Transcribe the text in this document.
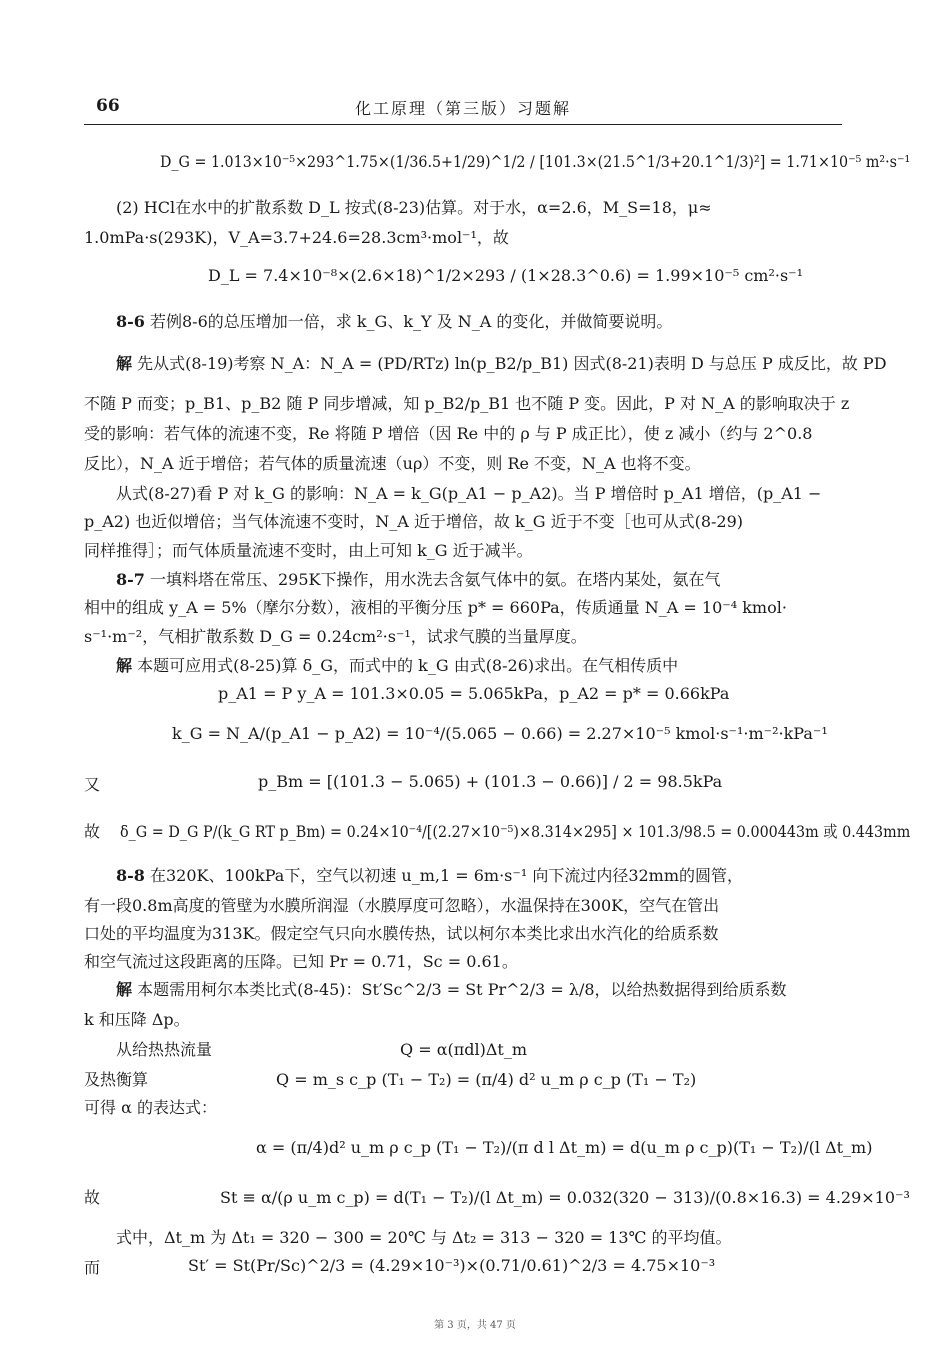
66	化工原理（第三版）习题解
D_G = 1.013×10⁻⁵×293^1.75×(1/36.5+1/29)^1/2 / [101.3×(21.5^1/3+20.1^1/3)²] = 1.71×10⁻⁵ m²·s⁻¹
(2) HCl在水中的扩散系数 D_L 按式(8-23)估算。对于水，α=2.6，M_S=18，μ≈
1.0mPa·s(293K)，V_A=3.7+24.6=28.3cm³·mol⁻¹，故
D_L = 7.4×10⁻⁸×(2.6×18)^1/2×293 / (1×28.3^0.6) = 1.99×10⁻⁵ cm²·s⁻¹
8-6 若例8-6的总压增加一倍，求 k_G、k_Y 及 N_A 的变化，并做简要说明。
解 先从式(8-19)考察 N_A：N_A = (PD/RTz) ln(p_B2/p_B1) 因式(8-21)表明 D 与总压 P 成反比，故 PD
不随 P 而变；p_B1、p_B2 随 P 同步增减，知 p_B2/p_B1 也不随 P 变。因此，P 对 N_A 的影响取决于 z
受的影响：若气体的流速不变，Re 将随 P 增倍（因 Re 中的 ρ 与 P 成正比），使 z 减小（约与 2^0.8
反比），N_A 近于增倍；若气体的质量流速（uρ）不变，则 Re 不变，N_A 也将不变。
从式(8-27)看 P 对 k_G 的影响：N_A = k_G(p_A1 − p_A2)。当 P 增倍时 p_A1 增倍，(p_A1 −
p_A2) 也近似增倍；当气体流速不变时，N_A 近于增倍，故 k_G 近于不变［也可从式(8-29)
同样推得］；而气体质量流速不变时，由上可知 k_G 近于减半。
8-7 一填料塔在常压、295K下操作，用水洗去含氨气体中的氨。在塔内某处，氨在气
相中的组成 y_A = 5%（摩尔分数），液相的平衡分压 p* = 660Pa，传质通量 N_A = 10⁻⁴ kmol·
s⁻¹·m⁻²，气相扩散系数 D_G = 0.24cm²·s⁻¹，试求气膜的当量厚度。
解 本题可应用式(8-25)算 δ_G，而式中的 k_G 由式(8-26)求出。在气相传质中
p_A1 = P y_A = 101.3×0.05 = 5.065kPa，p_A2 = p* = 0.66kPa
k_G = N_A/(p_A1 − p_A2) = 10⁻⁴/(5.065 − 0.66) = 2.27×10⁻⁵ kmol·s⁻¹·m⁻²·kPa⁻¹
又	p_Bm = [(101.3 − 5.065) + (101.3 − 0.66)] / 2 = 98.5kPa
故 δ_G = D_G P/(k_G RT p_Bm) = 0.24×10⁻⁴/[(2.27×10⁻⁵)×8.314×295] × 101.3/98.5 = 0.000443m 或 0.443mm
8-8 在320K、100kPa下，空气以初速 u_m,1 = 6m·s⁻¹ 向下流过内径32mm的圆管，
有一段0.8m高度的管壁为水膜所润湿（水膜厚度可忽略），水温保持在300K，空气在管出
口处的平均温度为313K。假定空气只向水膜传热，试以柯尔本类比求出水汽化的给质系数
和空气流过这段距离的压降。已知 Pr = 0.71，Sc = 0.61。
解 本题需用柯尔本类比式(8-45)：St′Sc^2/3 = St Pr^2/3 = λ/8，以给热数据得到给质系数
k 和压降 Δp。
从给热热流量	Q = α(πdl)Δt_m
及热衡算	Q = m_s c_p (T₁ − T₂) = (π/4) d² u_m ρ c_p (T₁ − T₂)
可得 α 的表达式：
α = (π/4)d² u_m ρ c_p (T₁ − T₂)/(π d l Δt_m) = d(u_m ρ c_p)(T₁ − T₂)/(l Δt_m)
故	St ≡ α/(ρ u_m c_p) = d(T₁ − T₂)/(l Δt_m) = 0.032(320 − 313)/(0.8×16.3) = 4.29×10⁻³
式中，Δt_m 为 Δt₁ = 320 − 300 = 20℃ 与 Δt₂ = 313 − 320 = 13℃ 的平均值。
而	St′ = St(Pr/Sc)^2/3 = (4.29×10⁻³)×(0.71/0.61)^2/3 = 4.75×10⁻³
第 3 页，共 47 页
